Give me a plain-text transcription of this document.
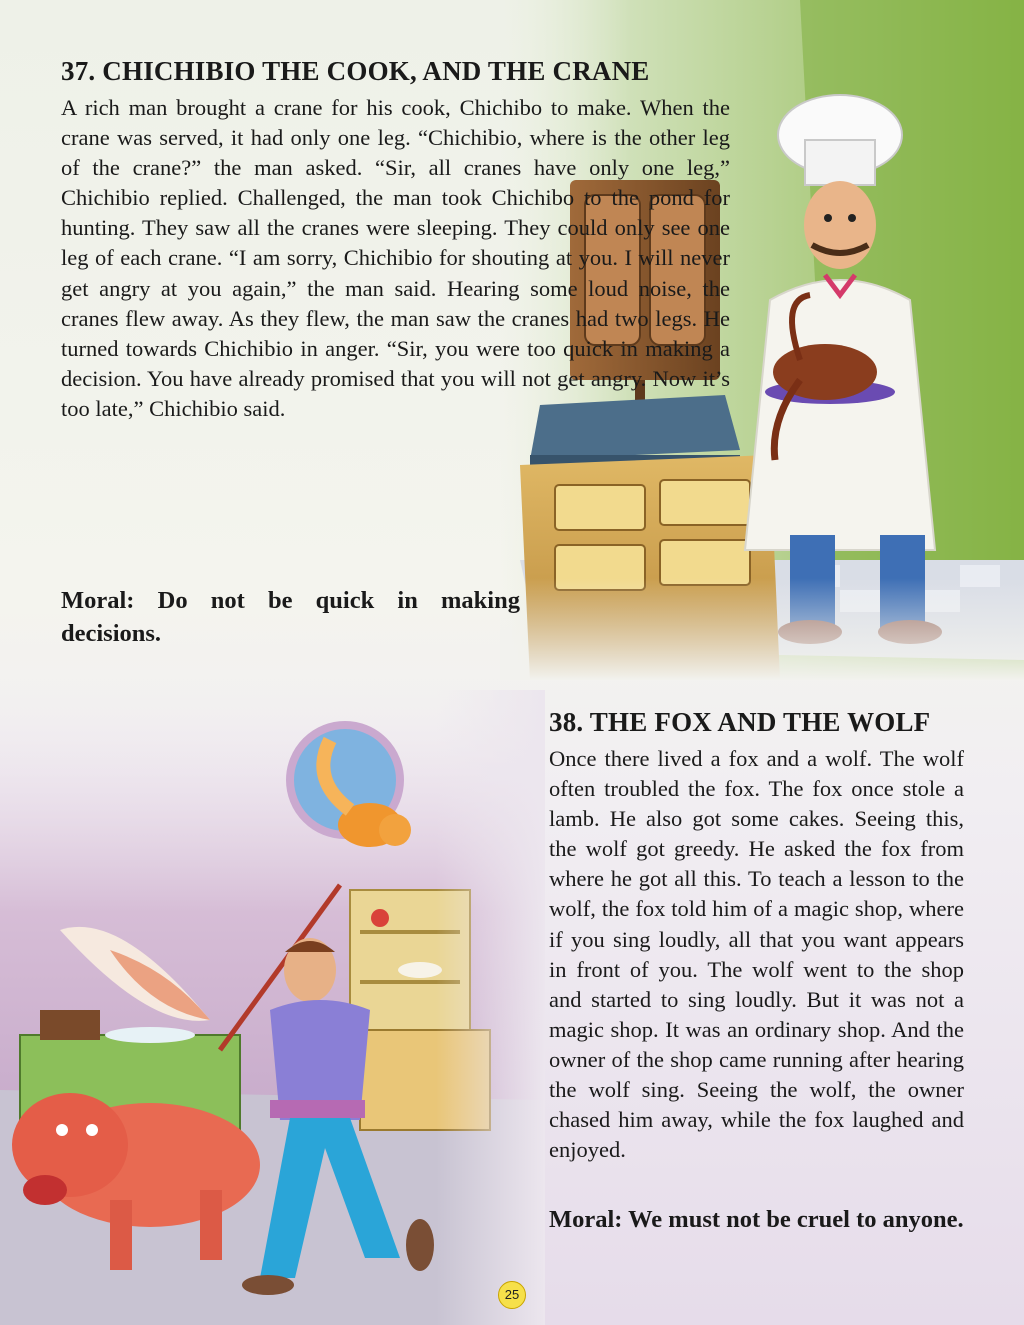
37. CHICHIBIO THE COOK, AND THE CRANE

A rich man brought a crane for his cook, Chichibo to make. When the crane was served, it had only one leg. “Chichibio, where is the other leg of the crane?” the man asked. “Sir, all cranes have only one leg,” Chichibio replied. Challenged, the man took Chichibo to the pond for hunting. They saw all the cranes were sleeping. They could only see one leg of each crane. “I am sorry, Chichibio for shouting at you. I will never get angry at you again,” the man said. Hearing some loud noise, the cranes flew away. As they flew, the man saw the cranes had two legs. He turned towards Chichibio in anger. “Sir, you were too quick in making a decision. You have already promised that you will not get angry. Now it’s too late,” Chichibio said.

Moral: Do not be quick in making decisions.

38. THE FOX AND THE WOLF

Once there lived a fox and a wolf. The wolf often troubled the fox. The fox once stole a lamb. He also got some cakes. Seeing this, the wolf got greedy. He asked the fox from where he got all this. To teach a lesson to the wolf, the fox told him of a magic shop, where if you sing loudly, all that you want appears in front of you. The wolf went to the shop and started to sing loudly. But it was not a magic shop. It was an ordinary shop. And the owner of the shop came running after hearing the wolf sing. Seeing the wolf, the owner chased him away, while the fox laughed and enjoyed.

Moral: We must not be cruel to anyone.

25
